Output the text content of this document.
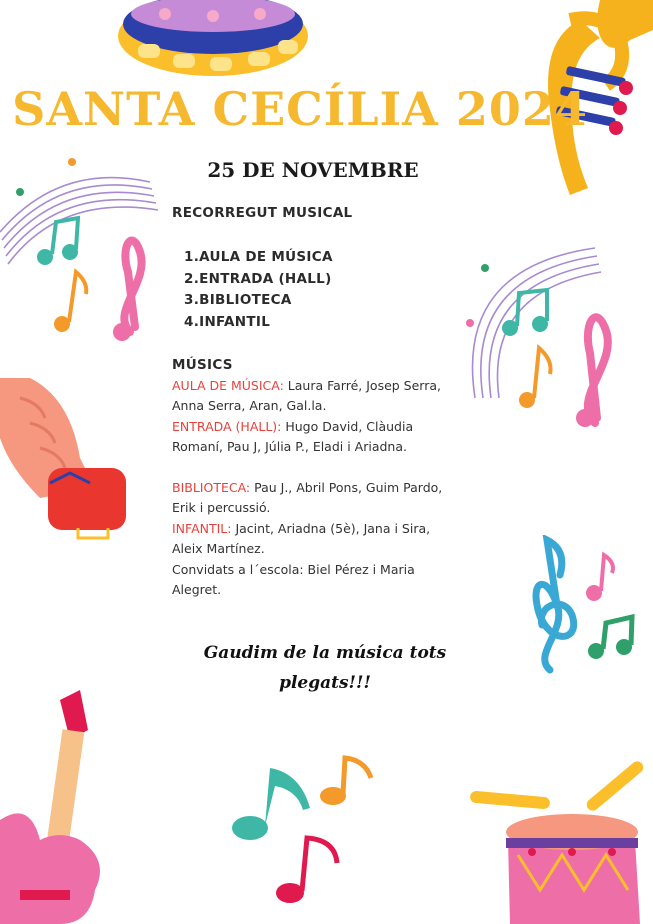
SANTA CECÍLIA 2024
25 DE NOVEMBRE
RECORREGUT MUSICAL
1.AULA DE MÚSICA
2.ENTRADA (HALL)
3.BIBLIOTECA
4.INFANTIL
MÚSICS

AULA DE MÚSICA: Laura Farré, Josep Serra, Anna Serra, Aran, Gal.la.

ENTRADA (HALL): Hugo David, Clàudia Romaní, Pau J, Júlia P., Eladi i Ariadna.

BIBLIOTECA: Pau J., Abril Pons, Guim Pardo, Erik i percussió.

INFANTIL: Jacint, Ariadna (5è), Jana i Sira, Aleix Martínez.

Convidats a l´escola: Biel Pérez i Maria Alegret.

Gaudim de la música tots
plegats!!!
